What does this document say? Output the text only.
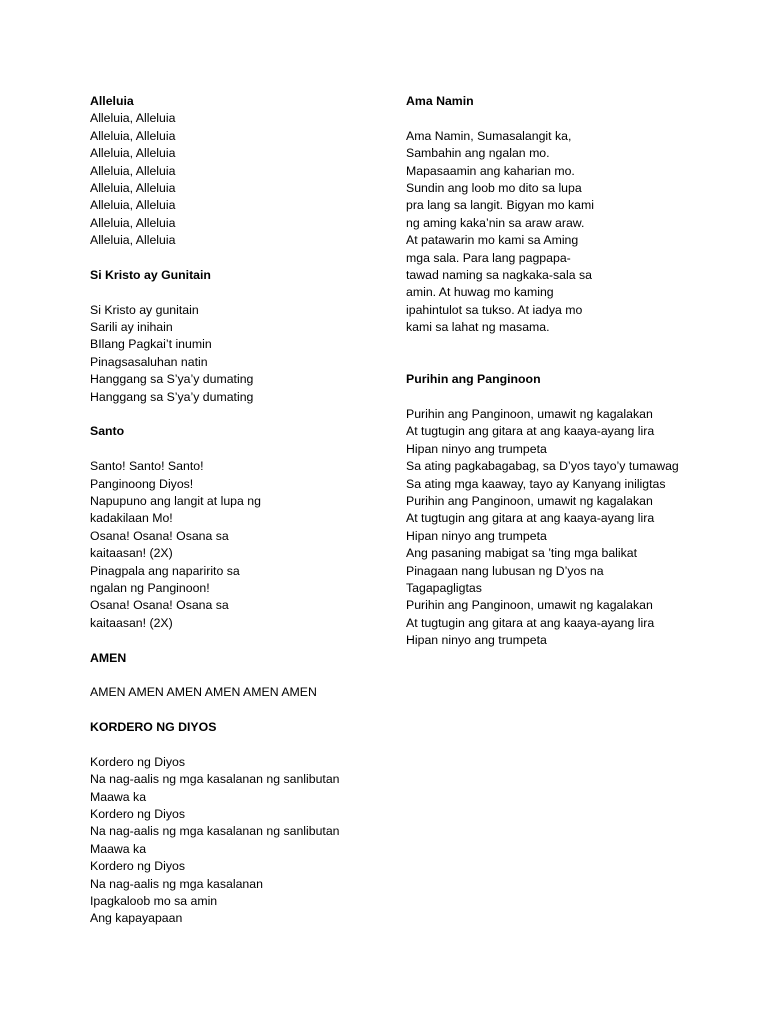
Alleluia
Alleluia, Alleluia
Alleluia, Alleluia
Alleluia, Alleluia
Alleluia, Alleluia
Alleluia, Alleluia
Alleluia, Alleluia
Alleluia, Alleluia
Alleluia, Alleluia
Si Kristo ay Gunitain
Si Kristo ay gunitain
Sarili ay inihain
BIlang Pagkai’t inumin
Pinagsasaluhan natin
Hanggang sa S’ya’y dumating
Hanggang sa S’ya’y dumating
Santo
Santo! Santo! Santo!
Panginoong Diyos!
Napupuno ang langit at lupa ng
kadakilaan Mo!
Osana! Osana! Osana sa
kaitaasan! (2X)
Pinagpala ang naparirito sa
ngalan ng Panginoon!
Osana! Osana! Osana sa
kaitaasan! (2X)
AMEN
AMEN AMEN AMEN AMEN AMEN AMEN
KORDERO NG DIYOS
Kordero ng Diyos
Na nag-aalis ng mga kasalanan ng sanlibutan
Maawa ka
Kordero ng Diyos
Na nag-aalis ng mga kasalanan ng sanlibutan
Maawa ka
Kordero ng Diyos
Na nag-aalis ng mga kasalanan
Ipagkaloob mo sa amin
Ang kapayapaan
Ama Namin
Ama Namin, Sumasalangit ka,
Sambahin ang ngalan mo.
Mapasaamin ang kaharian mo.
Sundin ang loob mo dito sa lupa
pra lang sa langit. Bigyan mo kami
ng aming kaka’nin sa araw araw.
At patawarin mo kami sa Aming
mga sala. Para lang pagpapa-
tawad naming sa nagkaka-sala sa
amin. At huwag mo kaming
ipahintulot sa tukso. At iadya mo
kami sa lahat ng masama.
Purihin ang Panginoon
Purihin ang Panginoon, umawit ng kagalakan
At tugtugin ang gitara at ang kaaya-ayang lira
Hipan ninyo ang trumpeta
Sa ating pagkabagabag, sa D’yos tayo’y tumawag
Sa ating mga kaaway, tayo ay Kanyang iniligtas
Purihin ang Panginoon, umawit ng kagalakan
At tugtugin ang gitara at ang kaaya-ayang lira
Hipan ninyo ang trumpeta
Ang pasaning mabigat sa ’ting mga balikat
Pinagaan nang lubusan ng D’yos na
Tagapagligtas
Purihin ang Panginoon, umawit ng kagalakan
At tugtugin ang gitara at ang kaaya-ayang lira
Hipan ninyo ang trumpeta
